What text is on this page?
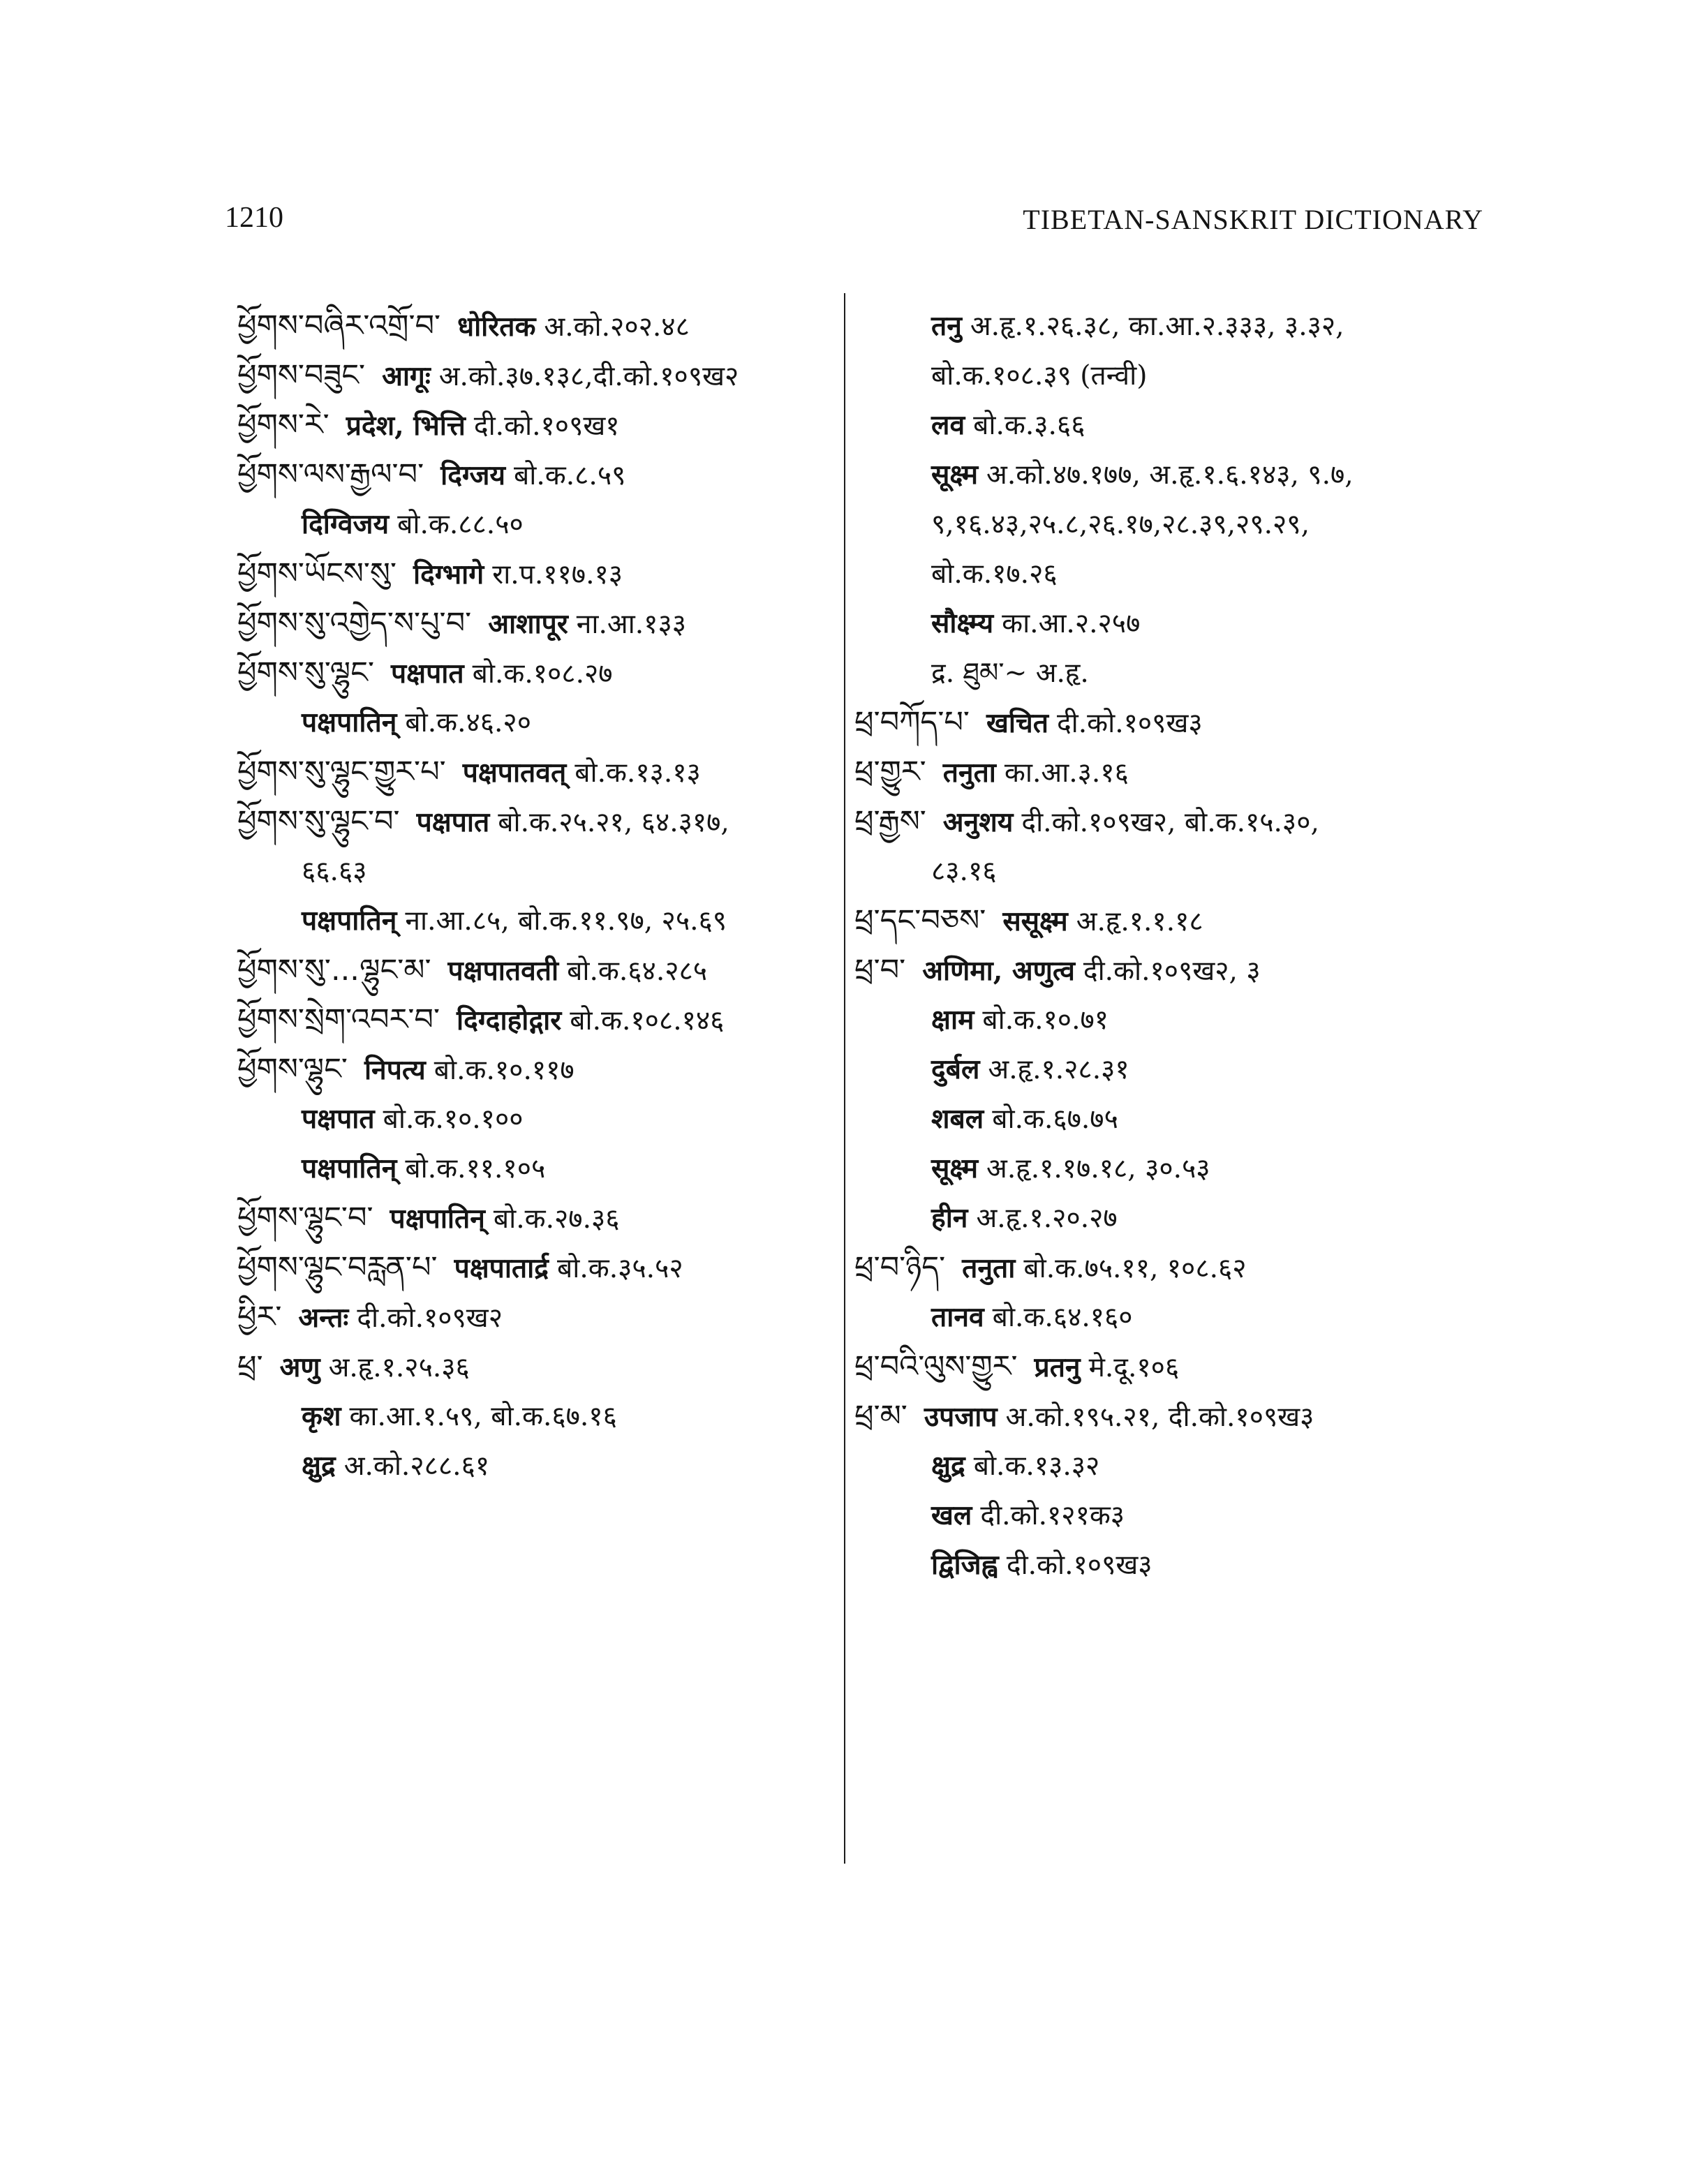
1210	TIBETAN-SANSKRIT DICTIONARY
ཕྱོགས་བཞིར་འགྲོ་བ་ धोरितक अ.को.२०२.४८
ཕྱོགས་བཟུང་ आगूः अ.को.३७.१३८,दी.को.१०९ख२
ཕྱོགས་རེ་ प्रदेश, भित्ति दी.को.१०९ख१
ཕྱོགས་ལས་རྒྱལ་བ་ दिग्जय बो.क.८.५९
दिग्विजय बो.क.८८.५०
ཕྱོགས་ཡོངས་སུ་ दिग्भागे रा.प.११७.१३
ཕྱོགས་སུ་འགྱེད་ས་པུ་བ་ आशापूर ना.आ.१३३
ཕྱོགས་སུ་ལྷུང་ पक्षपात बो.क.१०८.२७
पक्षपातिन् बो.क.४६.२०
ཕྱོགས་སུ་ལྷུང་གྱུར་པ་ पक्षपातवत् बो.क.१३.१३
ཕྱོགས་སུ་ལྷུང་བ་ पक्षपात बो.क.२५.२१, ६४.३१७,
६६.६३
पक्षपातिन् ना.आ.८५, बो.क.११.९७, २५.६९
ཕྱོགས་སུ་...ལྷུང་མ་ पक्षपातवती बो.क.६४.२८५
ཕྱོགས་སྲེག་འབར་བ་ दिग्दाहोद्गार बो.क.१०८.१४६
ཕྱོགས་ལྷུང་ निपत्य बो.क.१०.११७
पक्षपात बो.क.१०.१००
पक्षपातिन् बो.क.११.१०५
ཕྱོགས་ལྷུང་བ་ पक्षपातिन् बो.क.२७.३६
ཕྱོགས་ལྷུང་བརླན་པ་ पक्षपातार्द्र बो.क.३५.५२
ཕྱིར་ अन्तः दी.को.१०९ख२
ཕྲ་ अणु अ.हृ.१.२५.३६
कृश का.आ.१.५९, बो.क.६७.१६
क्षुद्र अ.को.२८८.६१
तनु अ.हृ.१.२६.३८, का.आ.२.३३३, ३.३२,
बो.क.१०८.३९ (तन्वी)
लव बो.क.३.६६
सूक्ष्म अ.को.४७.१७७, अ.हृ.१.६.१४३, ९.७,
९,१६.४३,२५.८,२६.१७,२८.३९,२९.२९,
बो.क.१७.२६
सौक्ष्म्य का.आ.२.२५७
द्र. ཐུམ་~ अ.हृ.
ཕྲ་བཀོད་པ་ खचित दी.को.१०९ख३
ཕྲ་གྱུར་ तनुता का.आ.३.१६
ཕྲ་རྒྱས་ अनुशय दी.को.१०९ख२, बो.क.१५.३०,
८३.१६
ཕྲ་དང་བཅས་ ससूक्ष्म अ.हृ.१.१.१८
ཕྲ་བ་ अणिमा, अणुत्व दी.को.१०९ख२, ३
क्षाम बो.क.१०.७१
दुर्बल अ.हृ.१.२८.३१
शबल बो.क.६७.७५
सूक्ष्म अ.हृ.१.१७.१८, ३०.५३
हीन अ.हृ.१.२०.२७
ཕྲ་བ་ཉིད་ तनुता बो.क.७५.११, १०८.६२
तानव बो.क.६४.१६०
ཕྲ་བའི་ལུས་གྱུར་ प्रतनु मे.दू.१०६
ཕྲ་མ་ उपजाप अ.को.१९५.२१, दी.को.१०९ख३
क्षुद्र बो.क.१३.३२
खल दी.को.१२१क३
द्विजिह्व दी.को.१०९ख३
